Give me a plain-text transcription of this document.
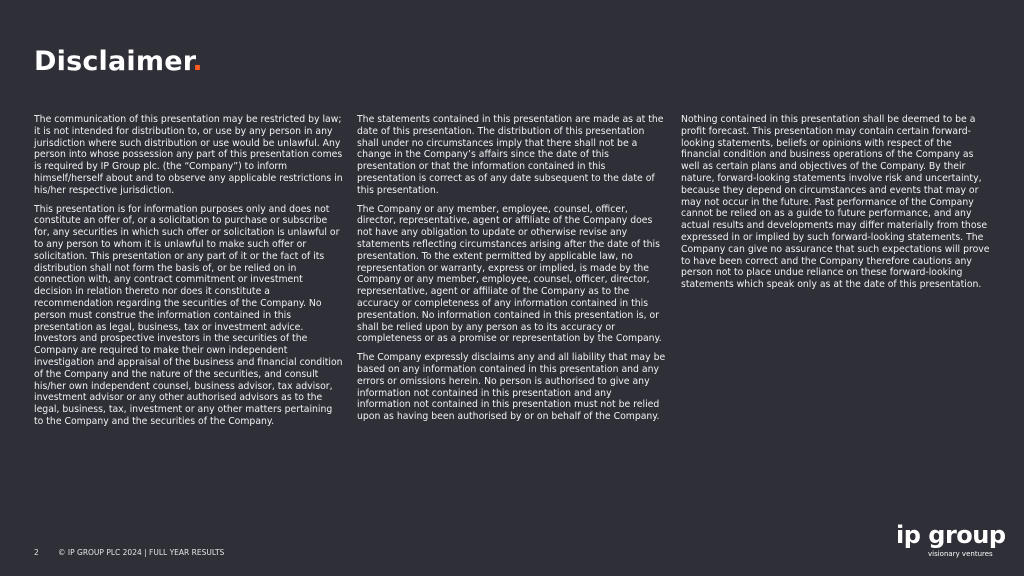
Disclaimer.

The communication of this presentation may be restricted by law; it is not intended for distribution to, or use by any person in any jurisdiction where such distribution or use would be unlawful. Any person into whose possession any part of this presentation comes is required by IP Group plc. (the “Company”) to inform himself/herself about and to observe any applicable restrictions in his/her respective jurisdiction.

This presentation is for information purposes only and does not constitute an offer of, or a solicitation to purchase or subscribe for, any securities in which such offer or solicitation is unlawful or to any person to whom it is unlawful to make such offer or solicitation. This presentation or any part of it or the fact of its distribution shall not form the basis of, or be relied on in connection with, any contract commitment or investment decision in relation thereto nor does it constitute a recommendation regarding the securities of the Company. No person must construe the information contained in this presentation as legal, business, tax or investment advice. Investors and prospective investors in the securities of the Company are required to make their own independent investigation and appraisal of the business and financial condition of the Company and the nature of the securities, and consult his/her own independent counsel, business advisor, tax advisor, investment advisor or any other authorised advisors as to the legal, business, tax, investment or any other matters pertaining to the Company and the securities of the Company.

The statements contained in this presentation are made as at the date of this presentation. The distribution of this presentation shall under no circumstances imply that there shall not be a change in the Company’s affairs since the date of this presentation or that the information contained in this presentation is correct as of any date subsequent to the date of this presentation.

The Company or any member, employee, counsel, officer, director, representative, agent or affiliate of the Company does not have any obligation to update or otherwise revise any statements reflecting circumstances arising after the date of this presentation. To the extent permitted by applicable law, no representation or warranty, express or implied, is made by the Company or any member, employee, counsel, officer, director, representative, agent or affiliate of the Company as to the accuracy or completeness of any information contained in this presentation. No information contained in this presentation is, or shall be relied upon by any person as to its accuracy or completeness or as a promise or representation by the Company.

The Company expressly disclaims any and all liability that may be based on any information contained in this presentation and any errors or omissions herein. No person is authorised to give any information not contained in this presentation and any information not contained in this presentation must not be relied upon as having been authorised by or on behalf of the Company.

Nothing contained in this presentation shall be deemed to be a profit forecast. This presentation may contain certain forward-looking statements, beliefs or opinions with respect of the financial condition and business operations of the Company as well as certain plans and objectives of the Company. By their nature, forward-looking statements involve risk and uncertainty, because they depend on circumstances and events that may or may not occur in the future. Past performance of the Company cannot be relied on as a guide to future performance, and any actual results and developments may differ materially from those expressed in or implied by such forward-looking statements. The Company can give no assurance that such expectations will prove to have been correct and the Company therefore cautions any person not to place undue reliance on these forward-looking statements which speak only as at the date of this presentation.

2	© IP GROUP PLC 2024 | FULL YEAR RESULTS
ip group
visionary ventures
